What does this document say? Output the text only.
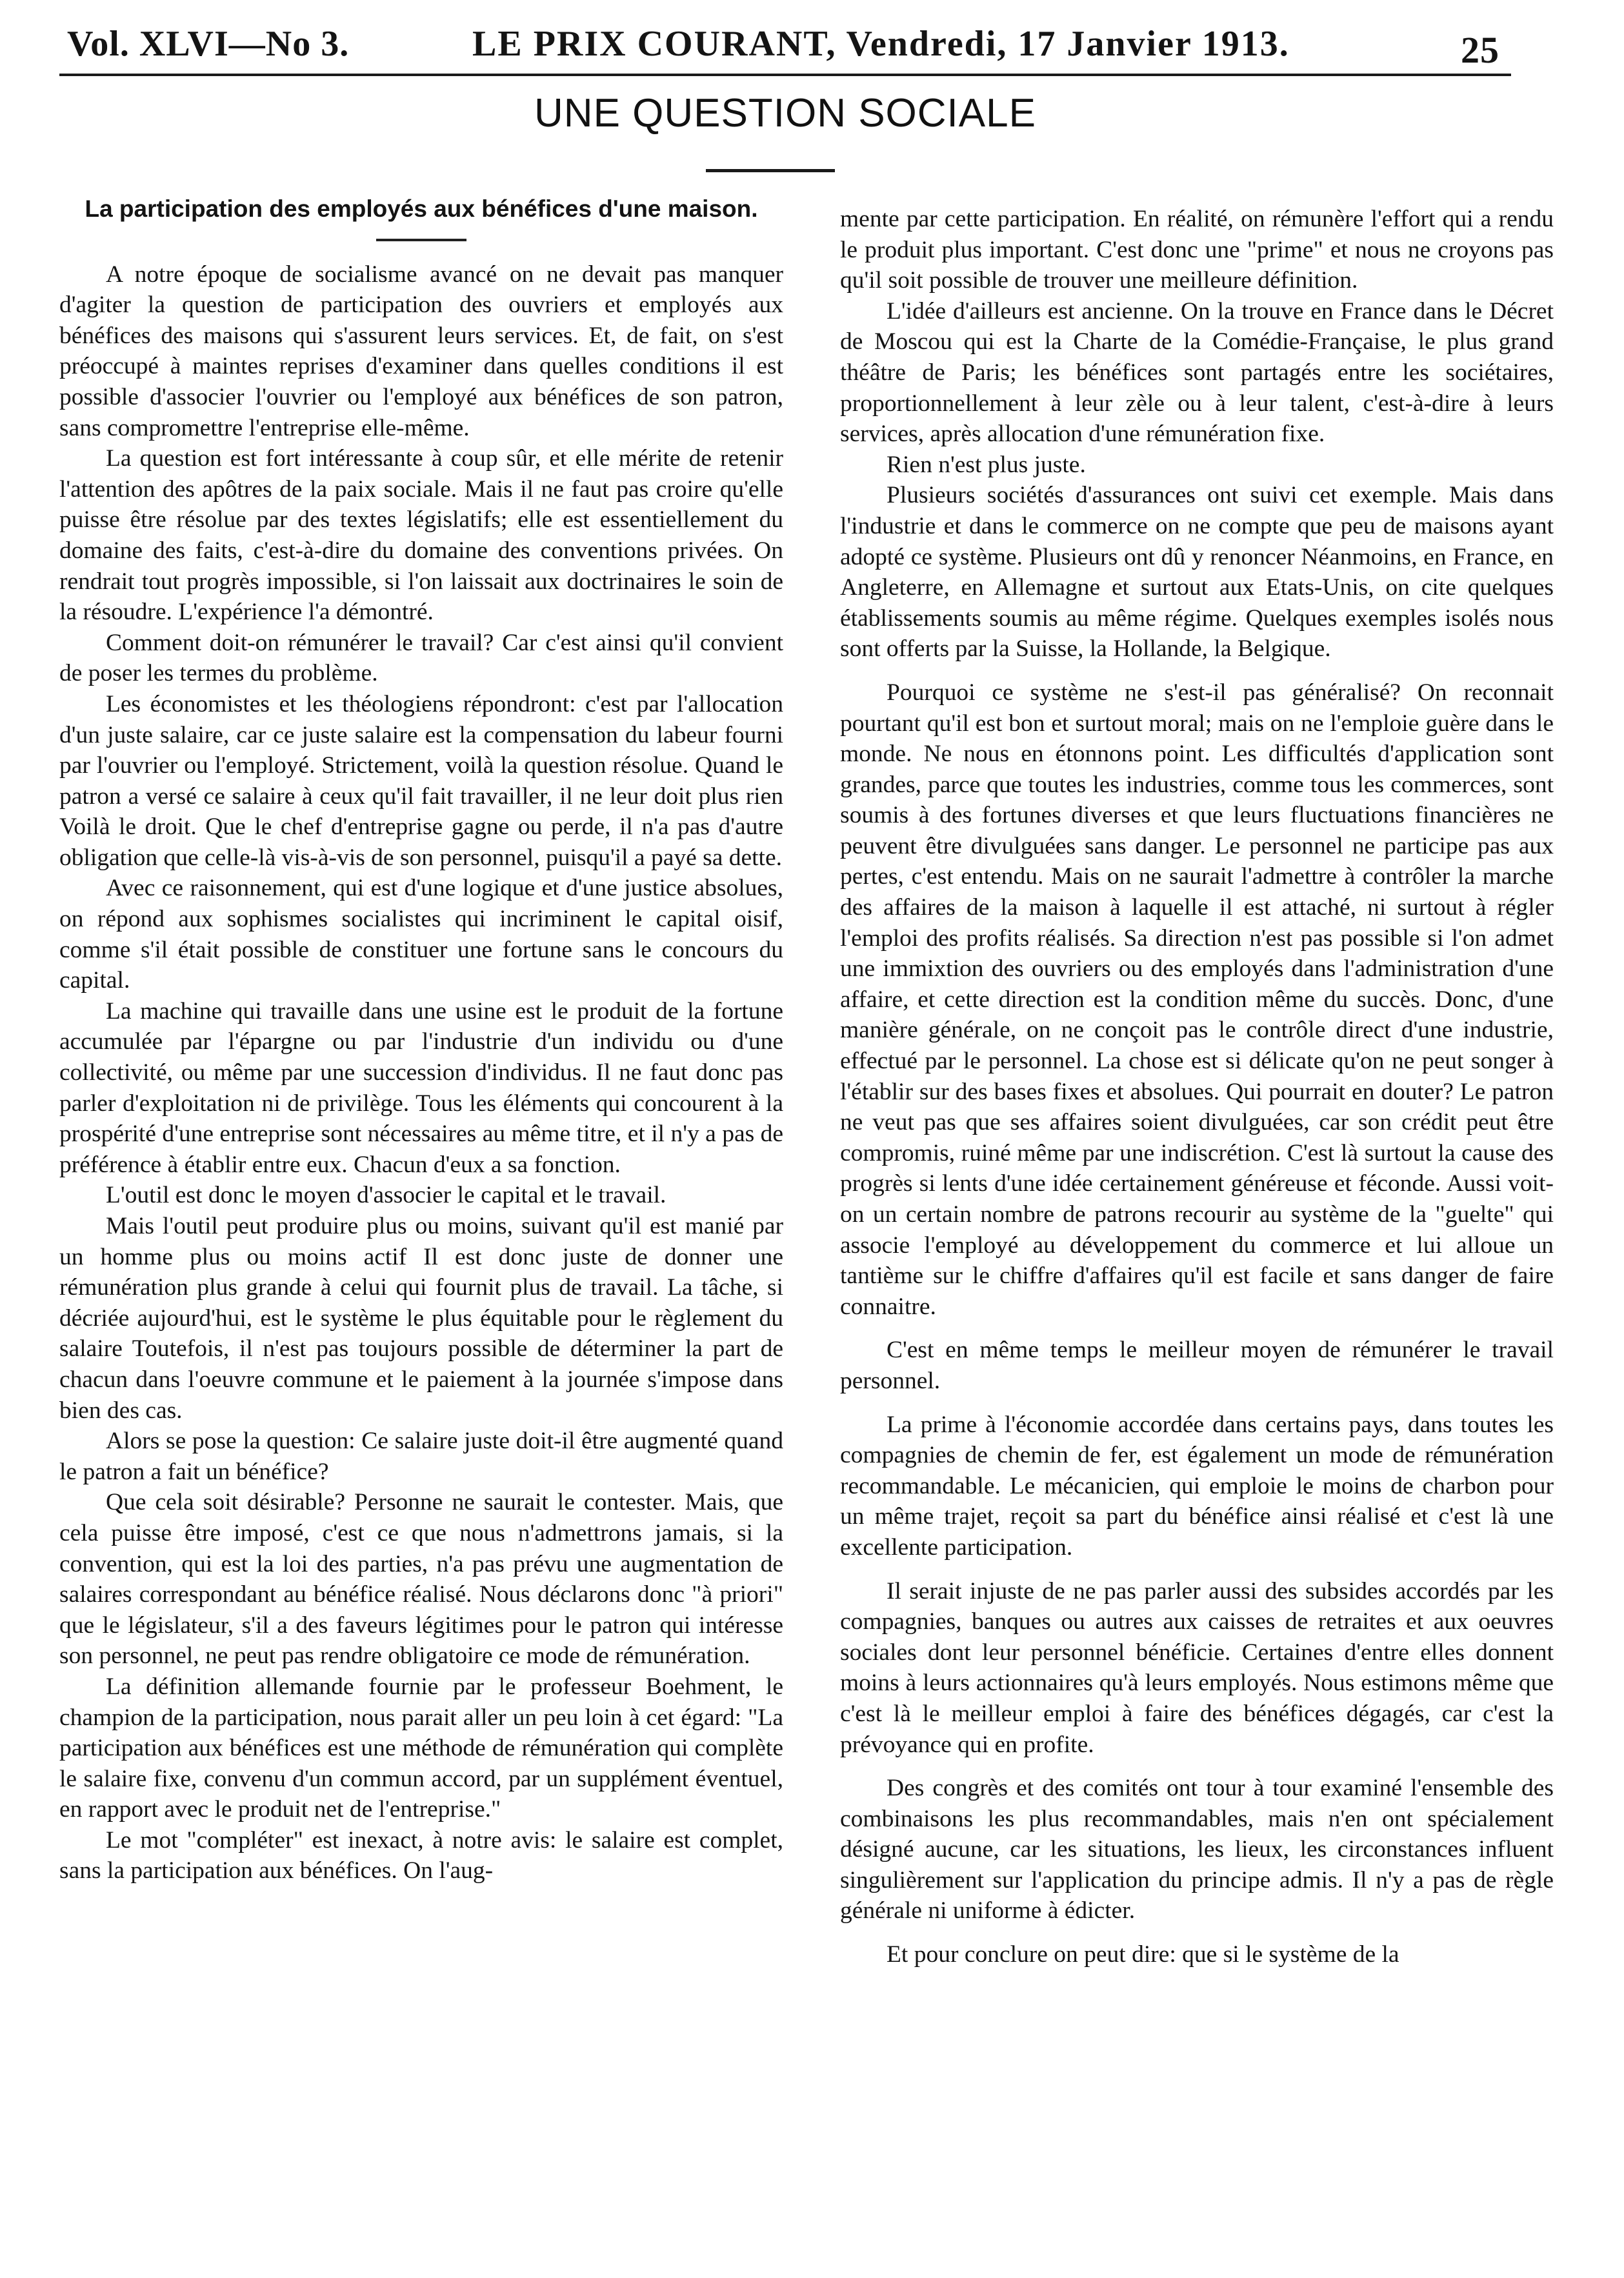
Vol. XLVI—No 3.	LE PRIX COURANT, Vendredi, 17 Janvier 1913.	25
UNE QUESTION SOCIALE
La participation des employés aux bénéfices d'une maison.

A notre époque de socialisme avancé on ne devait pas manquer d'agiter la question de participation des ouvriers et employés aux bénéfices des maisons qui s'assurent leurs services. Et, de fait, on s'est préoccupé à maintes reprises d'examiner dans quelles conditions il est possible d'associer l'ouvrier ou l'employé aux bénéfices de son patron, sans compromettre l'entreprise elle-même.

La question est fort intéressante à coup sûr, et elle mérite de retenir l'attention des apôtres de la paix sociale. Mais il ne faut pas croire qu'elle puisse être résolue par des textes législatifs; elle est essentiellement du domaine des faits, c'est-à-dire du domaine des conventions privées. On rendrait tout progrès impossible, si l'on laissait aux doctrinaires le soin de la résoudre. L'expérience l'a démontré.

Comment doit-on rémunérer le travail? Car c'est ainsi qu'il convient de poser les termes du problème.

Les économistes et les théologiens répondront: c'est par l'allocation d'un juste salaire, car ce juste salaire est la compensation du labeur fourni par l'ouvrier ou l'employé. Strictement, voilà la question résolue. Quand le patron a versé ce salaire à ceux qu'il fait travailler, il ne leur doit plus rien Voilà le droit. Que le chef d'entreprise gagne ou perde, il n'a pas d'autre obligation que celle-là vis-à-vis de son personnel, puisqu'il a payé sa dette.

Avec ce raisonnement, qui est d'une logique et d'une justice absolues, on répond aux sophismes socialistes qui incriminent le capital oisif, comme s'il était possible de constituer une fortune sans le concours du capital.

La machine qui travaille dans une usine est le produit de la fortune accumulée par l'épargne ou par l'industrie d'un individu ou d'une collectivité, ou même par une succession d'individus. Il ne faut donc pas parler d'exploitation ni de privilège. Tous les éléments qui concourent à la prospérité d'une entreprise sont nécessaires au même titre, et il n'y a pas de préférence à établir entre eux. Chacun d'eux a sa fonction.

L'outil est donc le moyen d'associer le capital et le travail.

Mais l'outil peut produire plus ou moins, suivant qu'il est manié par un homme plus ou moins actif Il est donc juste de donner une rémunération plus grande à celui qui fournit plus de travail. La tâche, si décriée aujourd'hui, est le système le plus équitable pour le règlement du salaire Toutefois, il n'est pas toujours possible de déterminer la part de chacun dans l'oeuvre commune et le paiement à la journée s'impose dans bien des cas.

Alors se pose la question: Ce salaire juste doit-il être augmenté quand le patron a fait un bénéfice?

Que cela soit désirable? Personne ne saurait le contester. Mais, que cela puisse être imposé, c'est ce que nous n'admettrons jamais, si la convention, qui est la loi des parties, n'a pas prévu une augmentation de salaires correspondant au bénéfice réalisé. Nous déclarons donc "à priori" que le législateur, s'il a des faveurs légitimes pour le patron qui intéresse son personnel, ne peut pas rendre obligatoire ce mode de rémunération.

La définition allemande fournie par le professeur Boehment, le champion de la participation, nous parait aller un peu loin à cet égard: "La participation aux bénéfices est une méthode de rémunération qui complète le salaire fixe, convenu d'un commun accord, par un supplément éventuel, en rapport avec le produit net de l'entreprise."

Le mot "compléter" est inexact, à notre avis: le salaire est complet, sans la participation aux bénéfices. On l'aug-

mente par cette participation. En réalité, on rémunère l'effort qui a rendu le produit plus important. C'est donc une "prime" et nous ne croyons pas qu'il soit possible de trouver une meilleure définition.

L'idée d'ailleurs est ancienne. On la trouve en France dans le Décret de Moscou qui est la Charte de la Comédie-Française, le plus grand théâtre de Paris; les bénéfices sont partagés entre les sociétaires, proportionnellement à leur zèle ou à leur talent, c'est-à-dire à leurs services, après allocation d'une rémunération fixe.

Rien n'est plus juste.

Plusieurs sociétés d'assurances ont suivi cet exemple. Mais dans l'industrie et dans le commerce on ne compte que peu de maisons ayant adopté ce système. Plusieurs ont dû y renoncer Néanmoins, en France, en Angleterre, en Allemagne et surtout aux Etats-Unis, on cite quelques établissements soumis au même régime. Quelques exemples isolés nous sont offerts par la Suisse, la Hollande, la Belgique.

Pourquoi ce système ne s'est-il pas généralisé? On reconnait pourtant qu'il est bon et surtout moral; mais on ne l'emploie guère dans le monde. Ne nous en étonnons point. Les difficultés d'application sont grandes, parce que toutes les industries, comme tous les commerces, sont soumis à des fortunes diverses et que leurs fluctuations financières ne peuvent être divulguées sans danger. Le personnel ne participe pas aux pertes, c'est entendu. Mais on ne saurait l'admettre à contrôler la marche des affaires de la maison à laquelle il est attaché, ni surtout à régler l'emploi des profits réalisés. Sa direction n'est pas possible si l'on admet une immixtion des ouvriers ou des employés dans l'administration d'une affaire, et cette direction est la condition même du succès. Donc, d'une manière générale, on ne conçoit pas le contrôle direct d'une industrie, effectué par le personnel. La chose est si délicate qu'on ne peut songer à l'établir sur des bases fixes et absolues. Qui pourrait en douter? Le patron ne veut pas que ses affaires soient divulguées, car son crédit peut être compromis, ruiné même par une indiscrétion. C'est là surtout la cause des progrès si lents d'une idée certainement généreuse et féconde. Aussi voit-on un certain nombre de patrons recourir au système de la "guelte" qui associe l'employé au développement du commerce et lui alloue un tantième sur le chiffre d'affaires qu'il est facile et sans danger de faire connaitre.

C'est en même temps le meilleur moyen de rémunérer le travail personnel.

La prime à l'économie accordée dans certains pays, dans toutes les compagnies de chemin de fer, est également un mode de rémunération recommandable. Le mécanicien, qui emploie le moins de charbon pour un même trajet, reçoit sa part du bénéfice ainsi réalisé et c'est là une excellente participation.

Il serait injuste de ne pas parler aussi des subsides accordés par les compagnies, banques ou autres aux caisses de retraites et aux oeuvres sociales dont leur personnel bénéficie. Certaines d'entre elles donnent moins à leurs actionnaires qu'à leurs employés. Nous estimons même que c'est là le meilleur emploi à faire des bénéfices dégagés, car c'est la prévoyance qui en profite.

Des congrès et des comités ont tour à tour examiné l'ensemble des combinaisons les plus recommandables, mais n'en ont spécialement désigné aucune, car les situations, les lieux, les circonstances influent singulièrement sur l'application du principe admis. Il n'y a pas de règle générale ni uniforme à édicter.

Et pour conclure on peut dire: que si le système de la
